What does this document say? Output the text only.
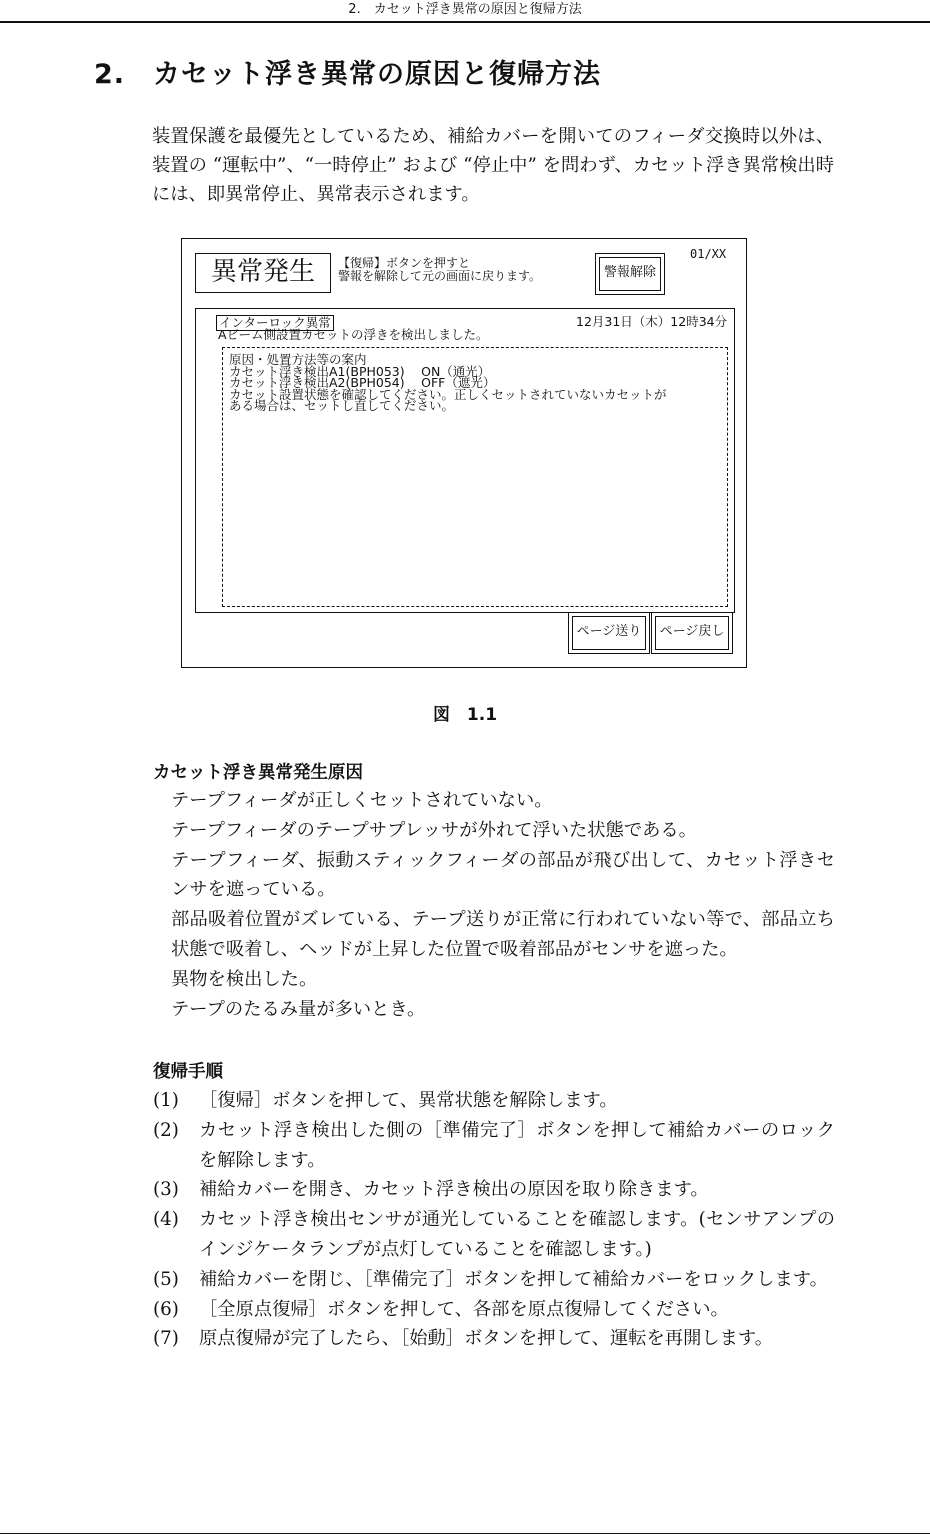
2.　カセット浮き異常の原因と復帰方法
2.　カセット浮き異常の原因と復帰方法

装置保護を最優先としているため、補給カバーを開いてのフィーダ交換時以外は、装置の “運転中”、“一時停止” および “停止中” を問わず、カセット浮き異常検出時には、即異常停止、異常表示されます。

異常発生	【復帰】ボタンを押すと
警報を解除して元の画面に戻ります。	警報解除
01/XX
インターロック異常	12月31日（木）12時34分
Aビーム側設置カセットの浮きを検出しました。
原因・処置方法等の案内
カセット浮き検出A1(BPH053)　 ON（通光）
カセット浮き検出A2(BPH054)　 OFF（遮光）
カセット設置状態を確認してください。正しくセットされていないカセットが
ある場合は、セットし直してください。
ページ送り	ページ戻し
図　1.1
カセット浮き異常発生原因
テープフィーダが正しくセットされていない。
テープフィーダのテープサプレッサが外れて浮いた状態である。
テープフィーダ、振動スティックフィーダの部品が飛び出して、カセット浮きセンサを遮っている。
部品吸着位置がズレている、テープ送りが正常に行われていない等で、部品立ち状態で吸着し、ヘッドが上昇した位置で吸着部品がセンサを遮った。
異物を検出した。
テープのたるみ量が多いとき。
復帰手順
(1)	［復帰］ボタンを押して、異常状態を解除します。
(2)	カセット浮き検出した側の［準備完了］ボタンを押して補給カバーのロックを解除します。
(3)	補給カバーを開き、カセット浮き検出の原因を取り除きます。
(4)	カセット浮き検出センサが通光していることを確認します。(センサアンプのインジケータランプが点灯していることを確認します。)
(5)	補給カバーを閉じ、［準備完了］ボタンを押して補給カバーをロックします。
(6)	［全原点復帰］ボタンを押して、各部を原点復帰してください。
(7)	原点復帰が完了したら、［始動］ボタンを押して、運転を再開します。
